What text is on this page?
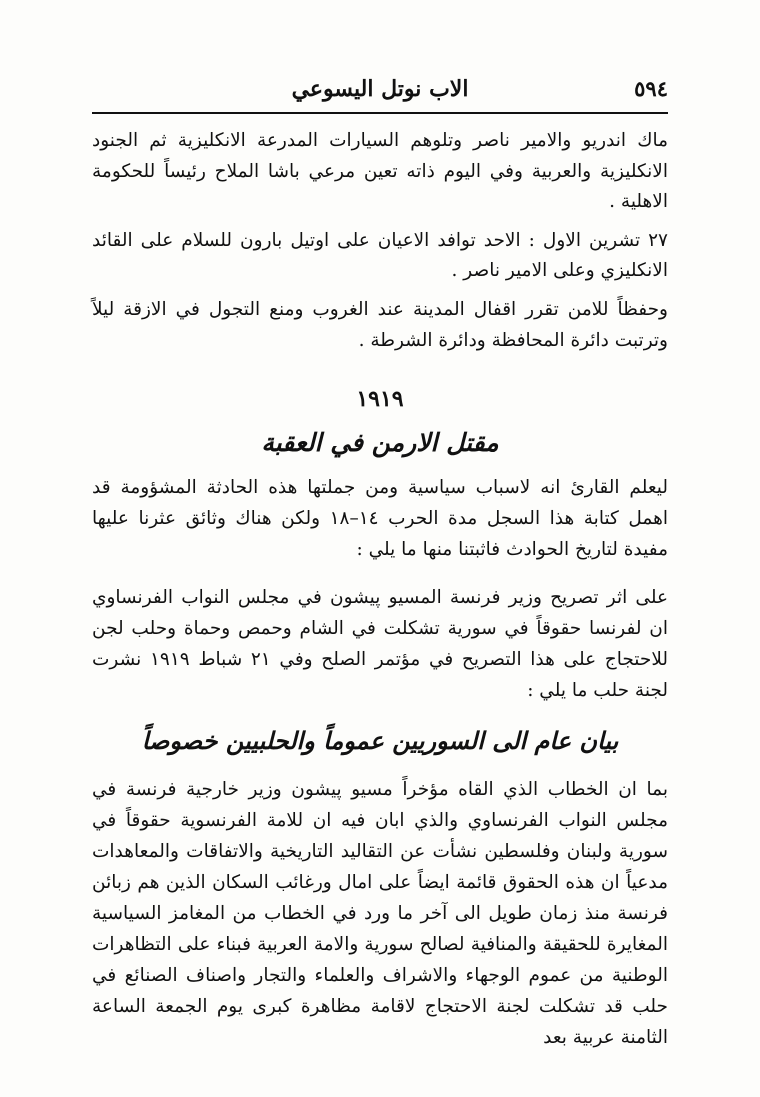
٥٩٤
الاب نوتل اليسوعي

ماك اندريو والامير ناصر وتلوهم السيارات المدرعة الانكليزية ثم الجنود الانكليزية والعربية وفي اليوم ذاته تعين مرعي باشا الملاح رئيساً للحكومة الاهلية .

٢٧ تشرين الاول : الاحد توافد الاعيان على اوتيل بارون للسلام على القائد الانكليزي وعلى الامير ناصر .

وحفظاً للامن تقرر اقفال المدينة عند الغروب ومنع التجول في الازقة ليلاً وترتبت دائرة المحافظة ودائرة الشرطة .

١٩١٩
مقتل الارمن في العقبة

ليعلم القارئ انه لاسباب سياسية ومن جملتها هذه الحادثة المشؤومة قد اهمل كتابة هذا السجل مدة الحرب ١٤–١٨ ولكن هناك وثائق عثرنا عليها مفيدة لتاريخ الحوادث فاثبتنا منها ما يلي :

على اثر تصريح وزير فرنسة المسيو پيشون في مجلس النواب الفرنساوي ان لفرنسا حقوقاً في سورية تشكلت في الشام وحمص وحماة وحلب لجن للاحتجاج على هذا التصريح في مؤتمر الصلح وفي ٢١ شباط ١٩١٩ نشرت لجنة حلب ما يلي :

بيان عام الى السوريين عموماً والحلبيين خصوصاً

بما ان الخطاب الذي القاه مؤخراً مسيو پيشون وزير خارجية فرنسة في مجلس النواب الفرنساوي والذي ابان فيه ان للامة الفرنسوية حقوقاً في سورية ولبنان وفلسطين نشأت عن التقاليد التاريخية والاتفاقات والمعاهدات مدعياً ان هذه الحقوق قائمة ايضاً على امال ورغائب السكان الذين هم زبائن فرنسة منذ زمان طويل الى آخر ما ورد في الخطاب من المغامز السياسية المغايرة للحقيقة والمنافية لصالح سورية والامة العربية فبناء على التظاهرات الوطنية من عموم الوجهاء والاشراف والعلماء والتجار واصناف الصنائع في حلب قد تشكلت لجنة الاحتجاج لاقامة مظاهرة كبرى يوم الجمعة الساعة الثامنة عربية بعد
